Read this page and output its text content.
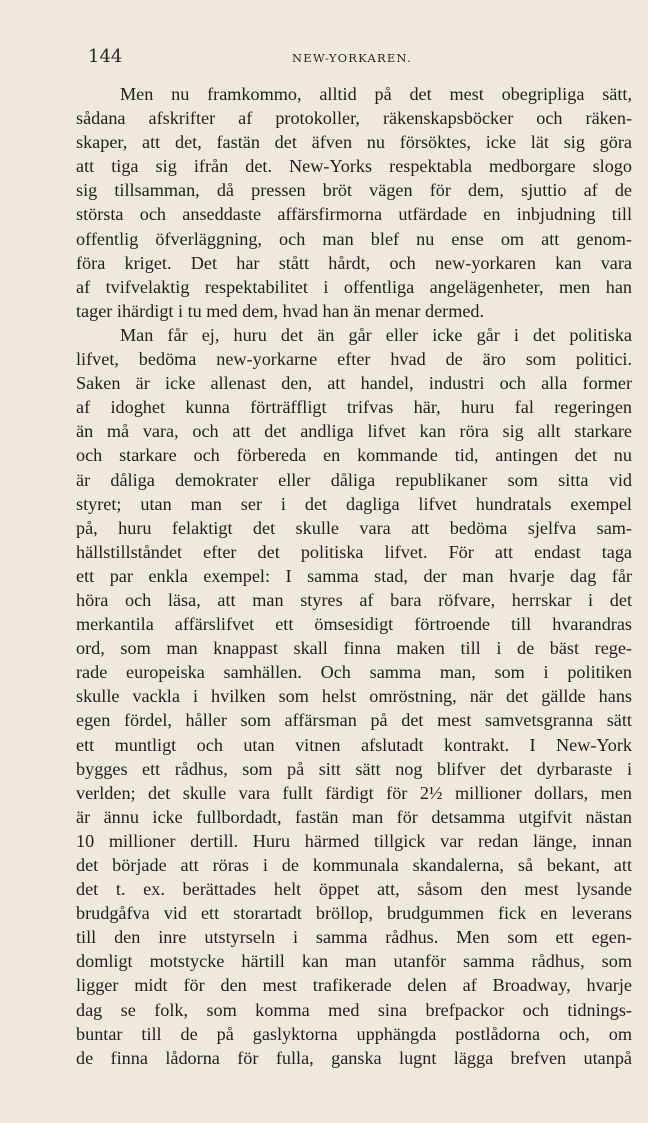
144	NEW-YORKAREN.
Men nu framkommo, alltid på det mest obegripliga sätt,
sådana afskrifter af protokoller, räkenskapsböcker och räken-
skaper, att det, fastän det äfven nu försöktes, icke lät sig göra
att tiga sig ifrån det. New-Yorks respektabla medborgare slogo
sig tillsamman, då pressen bröt vägen för dem, sjuttio af de
största och anseddaste affärsfirmorna utfärdade en inbjudning till
offentlig öfverläggning, och man blef nu ense om att genom-
föra kriget. Det har stått hårdt, och new-yorkaren kan vara
af tvifvelaktig respektabilitet i offentliga angelägenheter, men han
tager ihärdigt i tu med dem, hvad han än menar dermed.
Man får ej, huru det än går eller icke går i det politiska
lifvet, bedöma new-yorkarne efter hvad de äro som politici.
Saken är icke allenast den, att handel, industri och alla former
af idoghet kunna förträffligt trifvas här, huru fal regeringen
än må vara, och att det andliga lifvet kan röra sig allt starkare
och starkare och förbereda en kommande tid, antingen det nu
är dåliga demokrater eller dåliga republikaner som sitta vid
styret; utan man ser i det dagliga lifvet hundratals exempel
på, huru felaktigt det skulle vara att bedöma sjelfva sam-
hällstillståndet efter det politiska lifvet. För att endast taga
ett par enkla exempel: I samma stad, der man hvarje dag får
höra och läsa, att man styres af bara röfvare, herrskar i det
merkantila affärslifvet ett ömsesidigt förtroende till hvarandras
ord, som man knappast skall finna maken till i de bäst rege-
rade europeiska samhällen. Och samma man, som i politiken
skulle vackla i hvilken som helst omröstning, när det gällde hans
egen fördel, håller som affärsman på det mest samvetsgranna sätt
ett muntligt och utan vitnen afslutadt kontrakt. I New-York
bygges ett rådhus, som på sitt sätt nog blifver det dyrbaraste i
verlden; det skulle vara fullt färdigt för 2½ millioner dollars, men
är ännu icke fullbordadt, fastän man för detsamma utgifvit nästan
10 millioner dertill. Huru härmed tillgick var redan länge, innan
det började att röras i de kommunala skandalerna, så bekant, att
det t. ex. berättades helt öppet att, såsom den mest lysande
brudgåfva vid ett storartadt bröllop, brudgummen fick en leverans
till den inre utstyrseln i samma rådhus. Men som ett egen-
domligt motstycke härtill kan man utanför samma rådhus, som
ligger midt för den mest trafikerade delen af Broadway, hvarje
dag se folk, som komma med sina brefpackor och tidnings-
buntar till de på gaslyktorna upphängda postlådorna och, om
de finna lådorna för fulla, ganska lugnt lägga brefven utanpå
